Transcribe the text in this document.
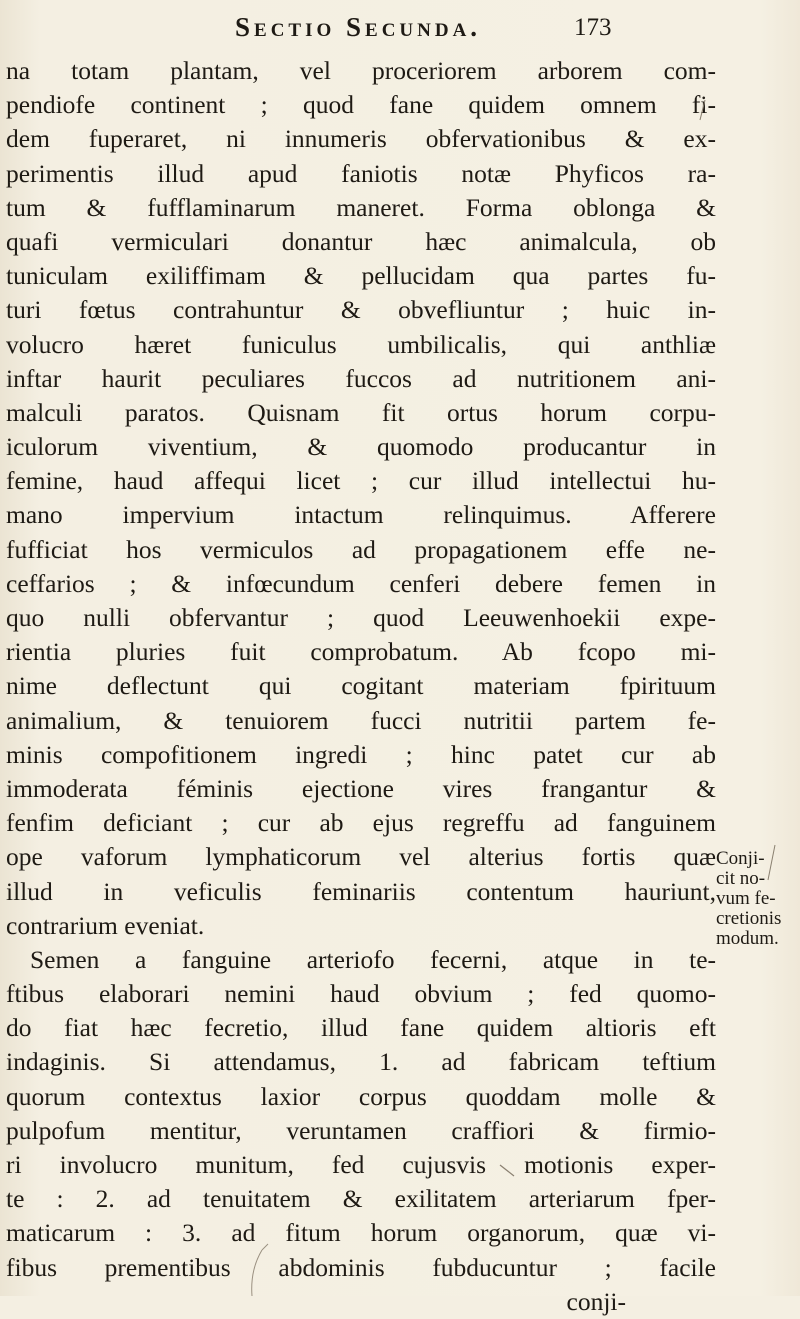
Sectio Secunda.	173
na totam plantam, vel proceriorem arborem com-
pendiofe continent ; quod fane quidem omnem fi-
dem fuperaret, ni innumeris obfervationibus & ex-
perimentis illud apud faniotis notæ Phyficos ra-
tum & fufflaminarum maneret. Forma oblonga &
quafi vermiculari donantur hæc animalcula, ob
tuniculam exiliffimam & pellucidam qua partes fu-
turi fœtus contrahuntur & obvefliuntur ; huic in-
volucro hæret funiculus umbilicalis, qui anthliæ
inftar haurit peculiares fuccos ad nutritionem ani-
malculi paratos. Quisnam fit ortus horum corpu-
iculorum viventium, & quomodo producantur in
femine, haud affequi licet ; cur illud intellectui hu-
mano impervium intactum relinquimus. Afferere
fufficiat hos vermiculos ad propagationem effe ne-
ceffarios ; & infœcundum cenferi debere femen in
quo nulli obfervantur ; quod Leeuwenhoekii expe-
rientia pluries fuit comprobatum. Ab fcopo mi-
nime deflectunt qui cogitant materiam fpirituum
animalium, & tenuiorem fucci nutritii partem fe-
minis compofitionem ingredi ; hinc patet cur ab
immoderata féminis ejectione vires frangantur &
fenfim deficiant ; cur ab ejus regreffu ad fanguinem
ope vaforum lymphaticorum vel alterius fortis quæ
illud in veficulis feminariis contentum hauriunt,
contrarium eveniat.
Semen a fanguine arteriofo fecerni, atque in te-
ftibus elaborari nemini haud obvium ; fed quomo-
do fiat hæc fecretio, illud fane quidem altioris eft
indaginis. Si attendamus, 1. ad fabricam teftium
quorum contextus laxior corpus quoddam molle &
pulpofum mentitur, veruntamen craffiori & firmio-
ri involucro munitum, fed cujusvis motionis exper-
te : 2. ad tenuitatem & exilitatem arteriarum fper-
maticarum : 3. ad fitum horum organorum, quæ vi-
fibus prementibus abdominis fubducuntur ; facile
conji-
Conji-
cit no-
vum fe-
cretionis
modum.
